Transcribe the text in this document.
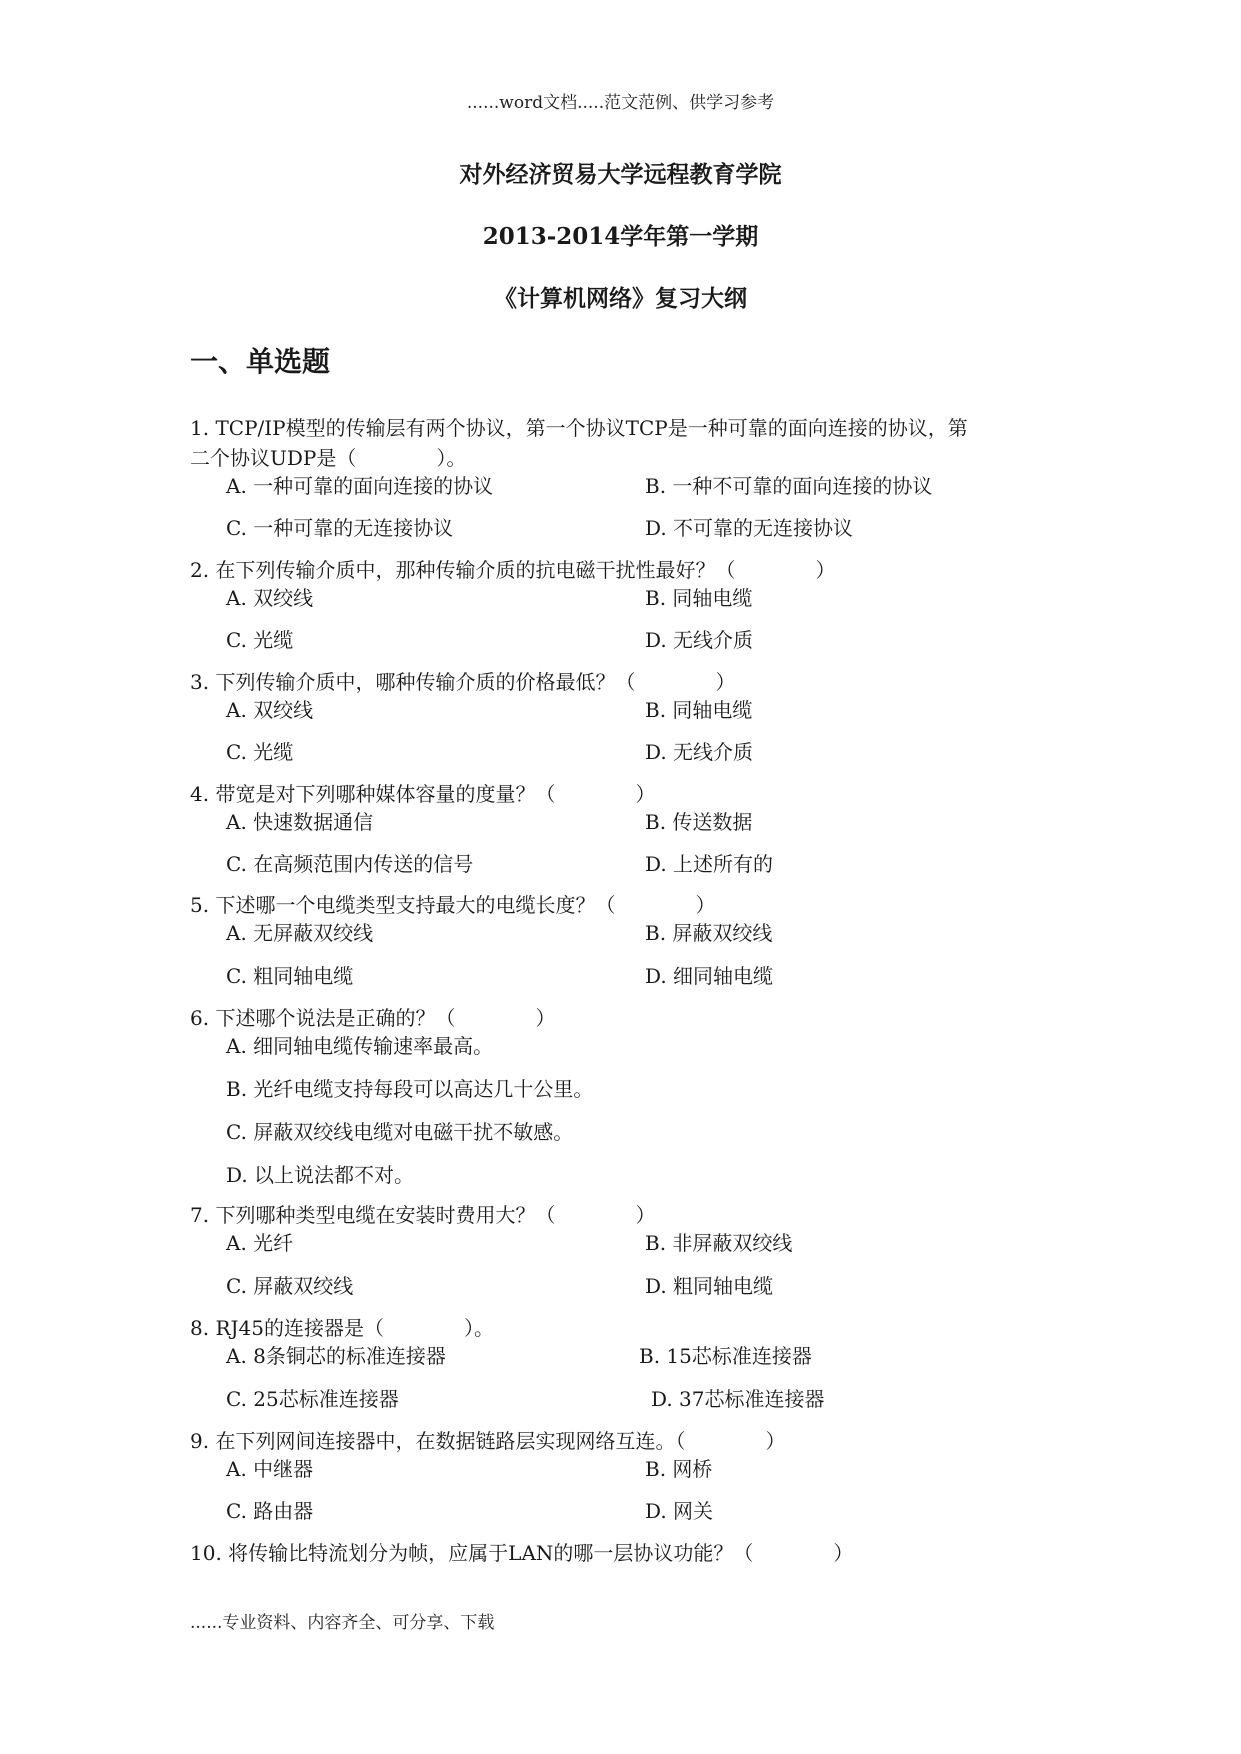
......word文档.....范文范例、供学习参考
对外经济贸易大学远程教育学院
2013-2014学年第一学期
《计算机网络》复习大纲
一、单选题
1. TCP/IP模型的传输层有两个协议，第一个协议TCP是一种可靠的面向连接的协议，第
二个协议UDP是（　　　　）。
A. 一种可靠的面向连接的协议	B. 一种不可靠的面向连接的协议
C. 一种可靠的无连接协议	D. 不可靠的无连接协议
2. 在下列传输介质中，那种传输介质的抗电磁干扰性最好？（　　　　）
A. 双绞线	B. 同轴电缆
C. 光缆	D. 无线介质
3. 下列传输介质中，哪种传输介质的价格最低？（　　　　）
A. 双绞线	B. 同轴电缆
C. 光缆	D. 无线介质
4. 带宽是对下列哪种媒体容量的度量？（　　　　）
A. 快速数据通信	B. 传送数据
C. 在高频范围内传送的信号	D. 上述所有的
5. 下述哪一个电缆类型支持最大的电缆长度？（　　　　）
A. 无屏蔽双绞线	B. 屏蔽双绞线
C. 粗同轴电缆	D. 细同轴电缆
6. 下述哪个说法是正确的？（　　　　）
A. 细同轴电缆传输速率最高。
B. 光纤电缆支持每段可以高达几十公里。
C. 屏蔽双绞线电缆对电磁干扰不敏感。
D. 以上说法都不对。
7. 下列哪种类型电缆在安装时费用大？（　　　　）
A. 光纤	B. 非屏蔽双绞线
C. 屏蔽双绞线	D. 粗同轴电缆
8. RJ45的连接器是（　　　　）。
A. 8条铜芯的标准连接器	B. 15芯标准连接器
C. 25芯标准连接器	D. 37芯标准连接器
9. 在下列网间连接器中，在数据链路层实现网络互连。（　　　　）
A. 中继器	B. 网桥
C. 路由器	D. 网关
10. 将传输比特流划分为帧，应属于LAN的哪一层协议功能？（　　　　）
......专业资料、内容齐全、可分享、下载
